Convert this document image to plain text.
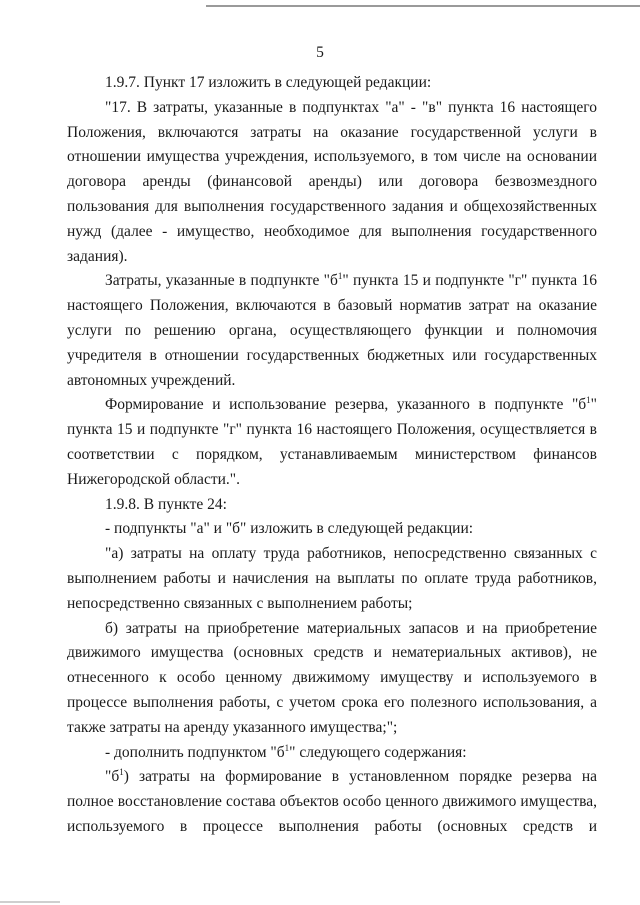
5

1.9.7. Пункт 17 изложить в следующей редакции:

"17. В затраты, указанные в подпунктах "а" - "в" пункта 16 настоящего Положения, включаются затраты на оказание государственной услуги в отношении имущества учреждения, используемого, в том числе на основании договора аренды (финансовой аренды) или договора безвозмездного пользования для выполнения государственного задания и общехозяйственных нужд (далее - имущество, необходимое для выполнения государственного задания).

Затраты, указанные в подпункте "$б^1$" пункта 15 и подпункте "г" пункта 16 настоящего Положения, включаются в базовый норматив затрат на оказание услуги по решению органа, осуществляющего функции и полномочия учредителя в отношении государственных бюджетных или государственных автономных учреждений.

Формирование и использование резерва, указанного в подпункте "$б^1$" пункта 15 и подпункте "г" пункта 16 настоящего Положения, осуществляется в соответствии с порядком, устанавливаемым министерством финансов Нижегородской области.".

1.9.8. В пункте 24:

- подпункты "а" и "б" изложить в следующей редакции:

"а) затраты на оплату труда работников, непосредственно связанных с выполнением работы и начисления на выплаты по оплате труда работников, непосредственно связанных с выполнением работы;

б) затраты на приобретение материальных запасов и на приобретение движимого имущества (основных средств и нематериальных активов), не отнесенного к особо ценному движимому имуществу и используемого в процессе выполнения работы, с учетом срока его полезного использования, а также затраты на аренду указанного имущества;";

- дополнить подпунктом "$б^1$" следующего содержания:

"$б^1$) затраты на формирование в установленном порядке резерва на полное восстановление состава объектов особо ценного движимого имущества, используемого в процессе выполнения работы (основных средств и
